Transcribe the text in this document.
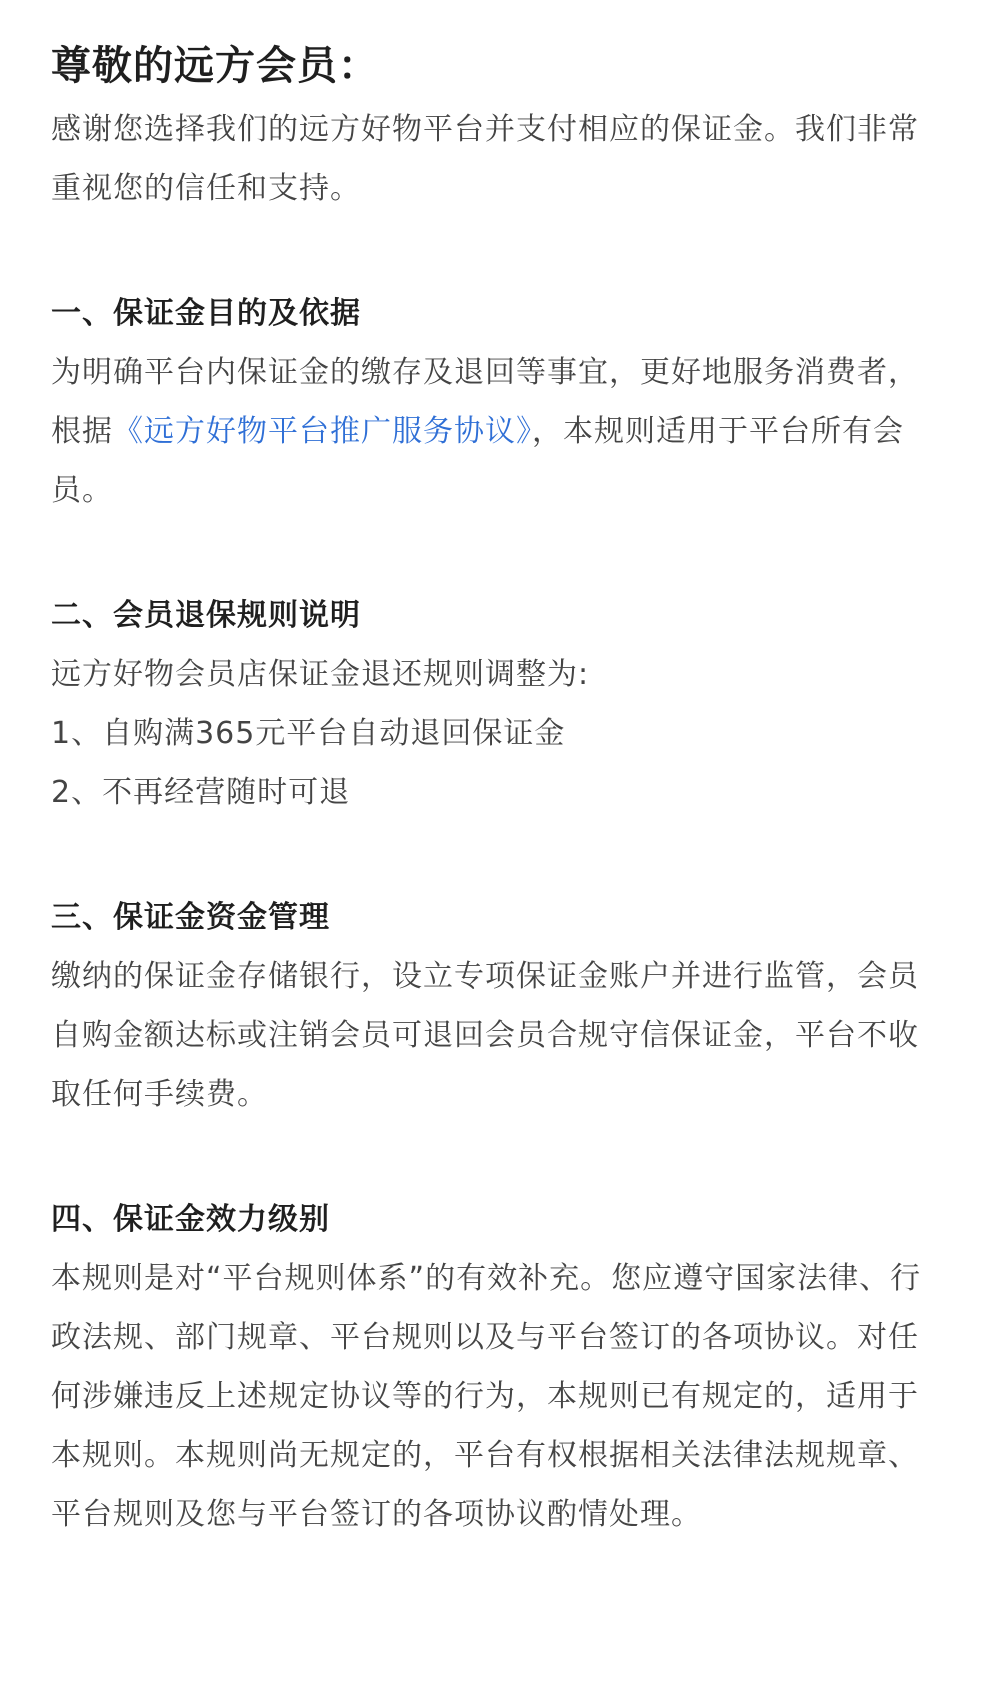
尊敬的远方会员：

感谢您选择我们的远方好物平台并支付相应的保证金。我们非常重视您的信任和支持。

一、保证金目的及依据

为明确平台内保证金的缴存及退回等事宜，更好地服务消费者，根据《远方好物平台推广服务协议》，本规则适用于平台所有会员。

二、会员退保规则说明

远方好物会员店保证金退还规则调整为:

1、自购满365元平台自动退回保证金

2、不再经营随时可退

三、保证金资金管理

缴纳的保证金存储银行，设立专项保证金账户并进行监管，会员自购金额达标或注销会员可退回会员合规守信保证金，平台不收取任何手续费。

四、保证金效力级别

本规则是对“平台规则体系”的有效补充。您应遵守国家法律、行政法规、部门规章、平台规则以及与平台签订的各项协议。对任何涉嫌违反上述规定协议等的行为，本规则已有规定的，适用于本规则。本规则尚无规定的，平台有权根据相关法律法规规章、平台规则及您与平台签订的各项协议酌情处理。
